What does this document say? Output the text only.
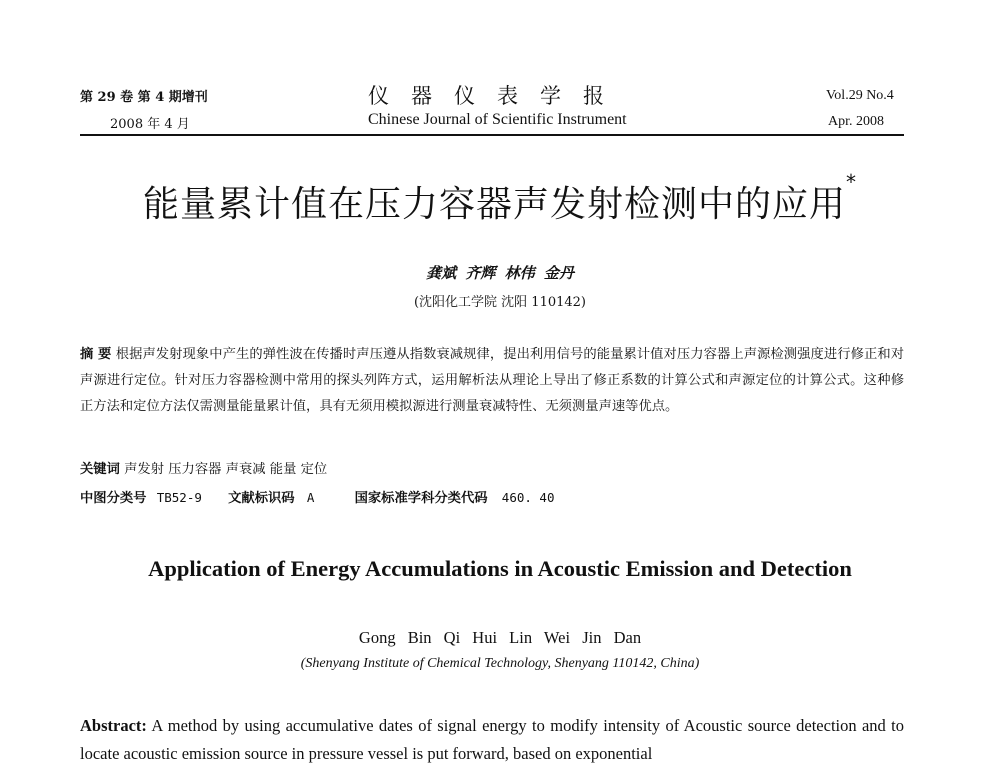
第 29 卷 第 4 期增刊
2008 年 4 月
仪器仪表学报
Chinese Journal of Scientific Instrument
Vol.29 No.4
Apr. 2008
能量累计值在压力容器声发射检测中的应用*
龚斌 齐辉 林伟 金丹
(沈阳化工学院 沈阳 110142)
摘 要 根据声发射现象中产生的弹性波在传播时声压遵从指数衰减规律，提出利用信号的能量累计值对压力容器上声源检测强度进行修正和对声源进行定位。针对压力容器检测中常用的探头列阵方式，运用解析法从理论上导出了修正系数的计算公式和声源定位的计算公式。这种修正方法和定位方法仅需测量能量累计值，具有无须用模拟源进行测量衰减特性、无须测量声速等优点。
关键词 声发射 压力容器 声衰减 能量 定位
中图分类号 TB52-9 文献标识码 A	国家标准学科分类代码 460. 40
Application of Energy Accumulations in Acoustic Emission and Detection
Gong Bin Qi Hui Lin Wei Jin Dan
(Shenyang Institute of Chemical Technology, Shenyang 110142, China)
Abstract: A method by using accumulative dates of signal energy to modify intensity of Acoustic source detection and to locate acoustic emission source in pressure vessel is put forward, based on exponential
